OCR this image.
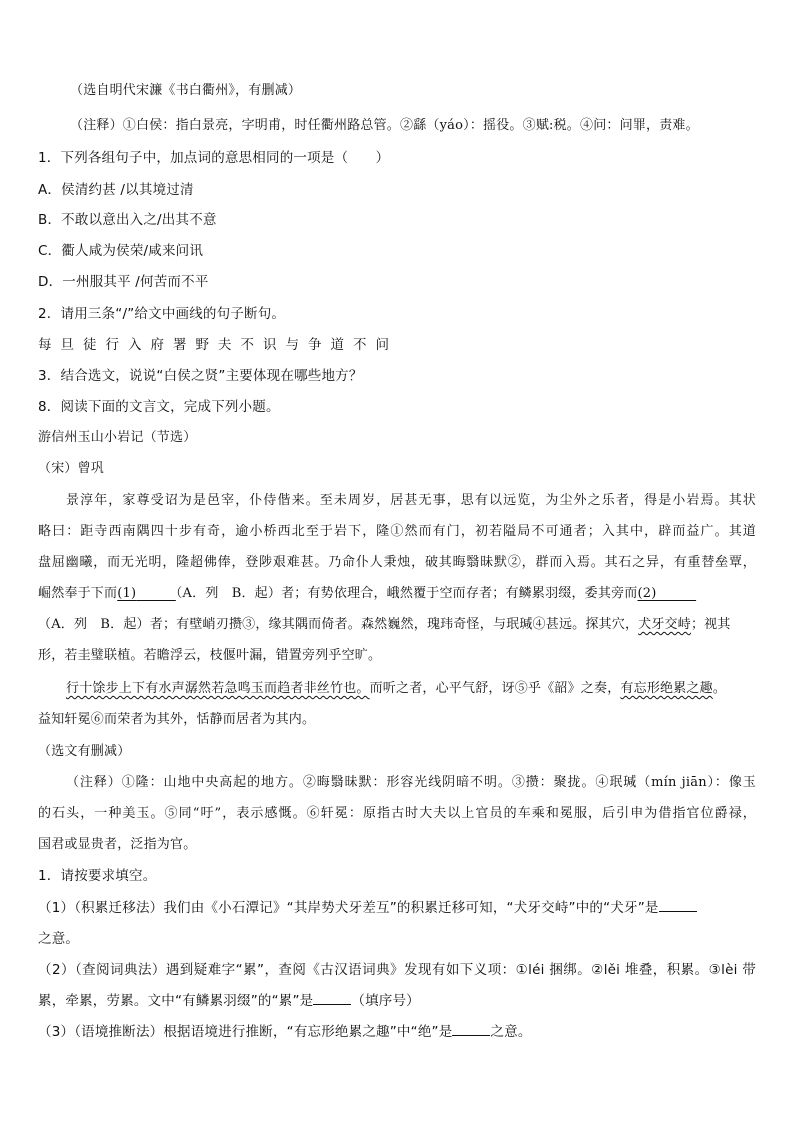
（选自明代宋濂《书白衢州》，有删减）
（注释）①白侯：指白景亮，字明甫，时任衢州路总管。②繇（yáo）：摇役。③赋:税。④问：问罪，责难。
1．下列各组句子中，加点词的意思相同的一项是（　　）
A．侯清约甚 /以其境过清
B．不敢以意出入之/出其不意
C．衢人咸为侯荣/咸来问讯
D．一州服其平 /何苦而不平
2．请用三条“/”给文中画线的句子断句。
每旦徒行入府署野夫不识与争道不问
3．结合选文，说说“白侯之贤”主要体现在哪些地方？
8．阅读下面的文言文，完成下列小题。
游信州玉山小岩记（节选）
（宋）曾巩
景淳年，家尊受诏为是邑宰，仆侍偕来。至未周岁，居甚无事，思有以远览，为尘外之乐者，得是小岩焉。其状
略曰：距寺西南隅四十步有奇，逾小桥西北至于岩下，隆①然而有门，初若隘局不可通者；入其中，辟而益广。其道
盘屈幽曦，而无光明，隆超佛俸，登陟艰难甚。乃命仆人秉烛，破其晦翳昧默②，群而入焉。其石之异，有重替垒覃，
崛然奉于下而(1)　　　	（A．列　B．起）者；有势依理合，峨然覆于空而存者；有鳞累羽缀，委其旁而(2)　　　
（A．列　B．起）者；有壁峭刃攒③，缘其隅而倚者。森然巍然，瑰玮奇怪，与珉瑊④甚远。探其穴，犬牙交峙；视其
形，若圭璧联植。若瞻浮云，枝偃叶漏，错置旁列乎空旷。
行十馀步上下有水声潺然若急鸣玉而趋者非丝竹也。而听之者，心平气舒，讶⑤乎《韶》之奏，有忘形绝累之趣。
益知轩冕⑥而荣者为其外，恬静而居者为其内。
（选文有删减）
（注释）①隆：山地中央高起的地方。②晦翳昧默：形容光线阴暗不明。③攒：聚拢。④珉瑊（mín jiān）：像玉
的石头，一种美玉。⑤同“吁”，表示感慨。⑥轩冕：原指古时大夫以上官员的车乘和冕服，后引申为借指官位爵禄，
国君或显贵者，泛指为官。
1．请按要求填空。
（1）（积累迁移法）我们由《小石潭记》“其岸势犬牙差互”的积累迁移可知，“犬牙交峙”中的“犬牙”是
之意。
（2）（查阅词典法）遇到疑难字“累”，查阅《古汉语词典》发现有如下义项：①léi 捆绑。②lěi 堆叠，积累。③lèi 带
累，牵累，劳累。文中“有鳞累羽缀”的“累”是	（填序号）
（3）（语境推断法）根据语境进行推断，“有忘形绝累之趣”中“绝”是	之意。
